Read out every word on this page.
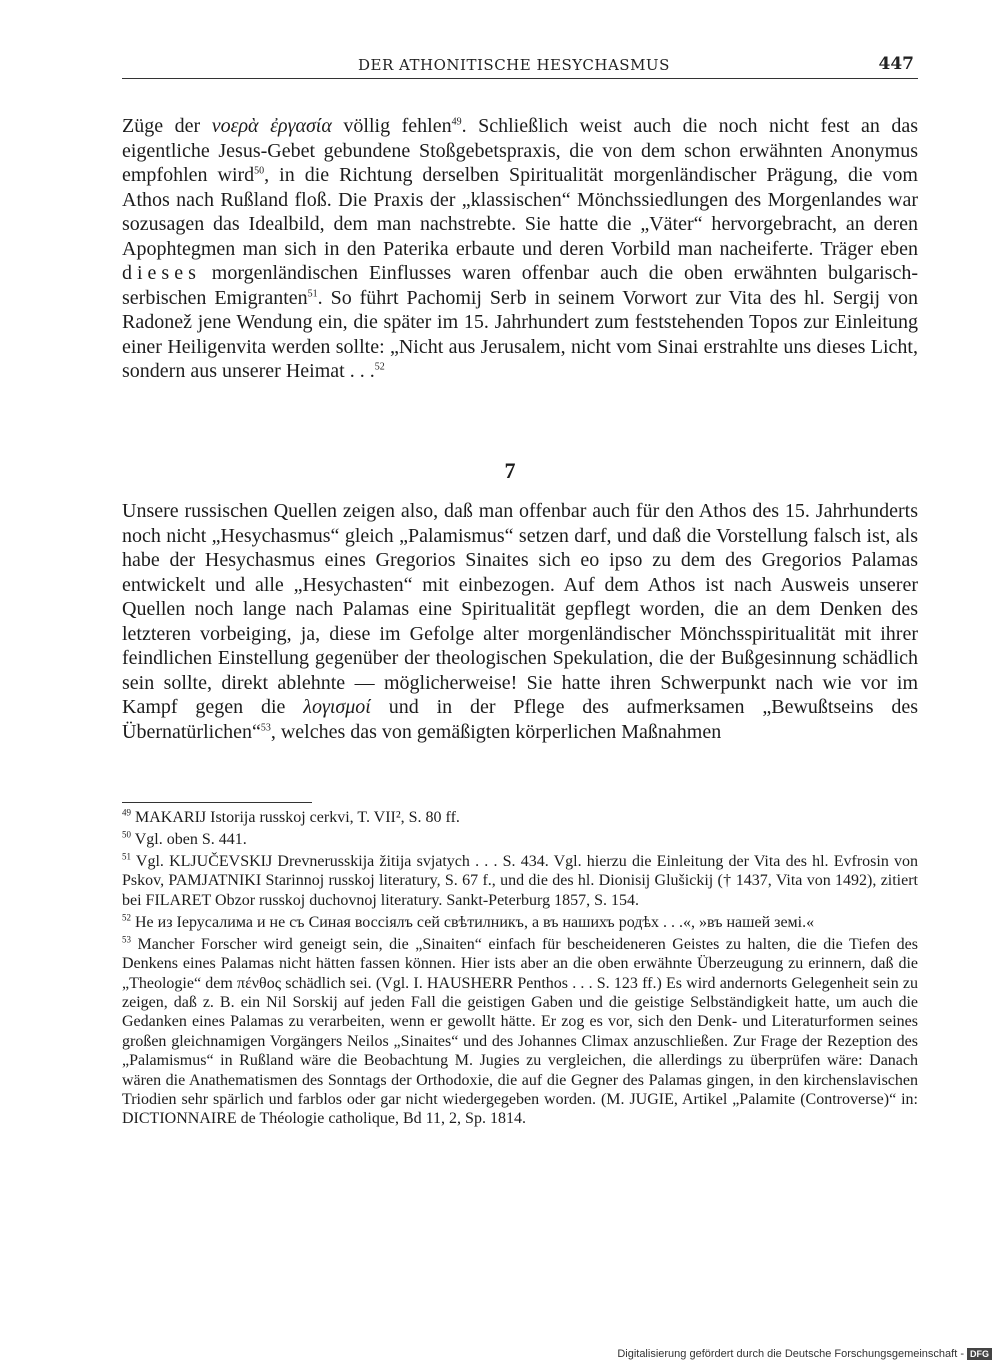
DER ATHONITISCHE HESYCHASMUS	447

Züge der νοερὰ ἐργασία völlig fehlen$^{49}$. Schließlich weist auch die noch nicht fest an das eigentliche Jesus-Gebet gebundene Stoßgebetspraxis, die von dem schon erwähnten Anonymus empfohlen wird$^{50}$, in die Richtung derselben Spiritualität morgenländischer Prägung, die vom Athos nach Rußland floß. Die Praxis der „klassischen“ Mönchssiedlungen des Morgenlandes war sozusagen das Idealbild, dem man nachstrebte. Sie hatte die „Väter“ hervorgebracht, an deren Apophtegmen man sich in den Paterika erbaute und deren Vorbild man nacheiferte. Träger eben dieses morgenländischen Einflusses waren offenbar auch die oben erwähnten bulgarisch-serbischen Emigranten$^{51}$. So führt Pachomij Serb in seinem Vorwort zur Vita des hl. Sergij von Radonež jene Wendung ein, die später im 15. Jahrhundert zum feststehenden Topos zur Einleitung einer Heiligenvita werden sollte: „Nicht aus Jerusalem, nicht vom Sinai erstrahlte uns dieses Licht, sondern aus unserer Heimat . . .$^{52}$

7

Unsere russischen Quellen zeigen also, daß man offenbar auch für den Athos des 15. Jahrhunderts noch nicht „Hesychasmus“ gleich „Palamismus“ setzen darf, und daß die Vorstellung falsch ist, als habe der Hesychasmus eines Gregorios Sinaites sich eo ipso zu dem des Gregorios Palamas entwickelt und alle „Hesychasten“ mit einbezogen. Auf dem Athos ist nach Ausweis unserer Quellen noch lange nach Palamas eine Spiritualität gepflegt worden, die an dem Denken des letzteren vorbeiging, ja, diese im Gefolge alter morgenländischer Mönchsspiritualität mit ihrer feindlichen Einstellung gegenüber der theologischen Spekulation, die der Bußgesinnung schädlich sein sollte, direkt ablehnte — möglicherweise! Sie hatte ihren Schwerpunkt nach wie vor im Kampf gegen die λογισμοί und in der Pflege des aufmerksamen „Bewußtseins des Übernatürlichen“$^{53}$, welches das von gemäßigten körperlichen Maßnahmen

$^{49}$ MAKARIJ Istorija russkoj cerkvi, T. VII², S. 80 ff.

$^{50}$ Vgl. oben S. 441.

$^{51}$ Vgl. KLJUČEVSKIJ Drevnerusskija žitija svjatych . . . S. 434. Vgl. hierzu die Einleitung der Vita des hl. Evfrosin von Pskov, PAMJATNIKI Starinnoj russkoj literatury, S. 67 f., und die des hl. Dionisij Glušickij († 1437, Vita von 1492), zitiert bei FILARET Obzor russkoj duchovnoj literatury. Sankt-Peterburg 1857, S. 154.

$^{52}$ Не из Іерусалима и не съ Синая воссіялъ сей свѣтилникъ, а въ нашихъ родѣх . . .«, »въ нашей земі.«

$^{53}$ Mancher Forscher wird geneigt sein, die „Sinaiten“ einfach für bescheideneren Geistes zu halten, die die Tiefen des Denkens eines Palamas nicht hätten fassen können. Hier ists aber an die oben erwähnte Überzeugung zu erinnern, daß die „Theologie“ dem πένθος schädlich sei. (Vgl. I. HAUSHERR Penthos . . . S. 123 ff.) Es wird andernorts Gelegenheit sein zu zeigen, daß z. B. ein Nil Sorskij auf jeden Fall die geistigen Gaben und die geistige Selbständigkeit hatte, um auch die Gedanken eines Palamas zu verarbeiten, wenn er gewollt hätte. Er zog es vor, sich den Denk- und Literaturformen seines großen gleichnamigen Vorgängers Neilos „Sinaites“ und des Johannes Climax anzuschließen. Zur Frage der Rezeption des „Palamismus“ in Rußland wäre die Beobachtung M. Jugies zu vergleichen, die allerdings zu überprüfen wäre: Danach wären die Anathematismen des Sonntags der Orthodoxie, die auf die Gegner des Palamas gingen, in den kirchenslavischen Triodien sehr spärlich und farblos oder gar nicht wiedergegeben worden. (M. JUGIE, Artikel „Palamite (Controverse)“ in: DICTIONNAIRE de Théologie catholique, Bd 11, 2, Sp. 1814.

Digitalisierung gefördert durch die Deutsche Forschungsgemeinschaft - DFG
